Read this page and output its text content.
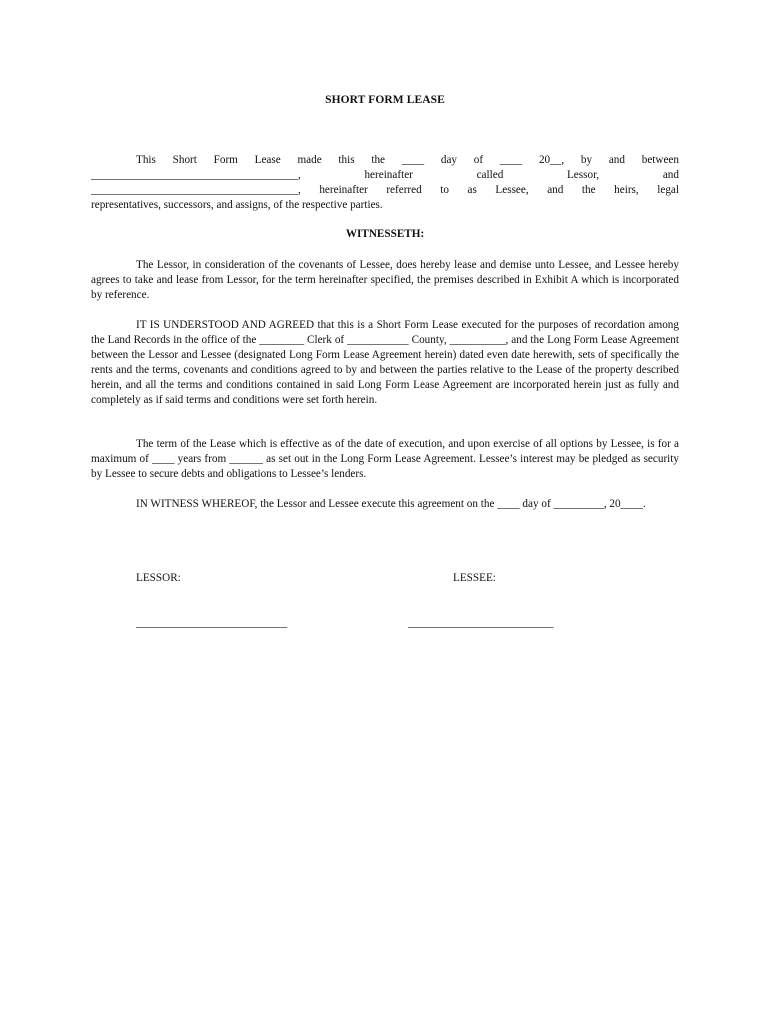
SHORT FORM LEASE
This Short Form Lease made this the ____ day of ____ 20__, by and between
_____________________________________, hereinafter called Lessor, and
_____________________________________, hereinafter referred to as Lessee, and the heirs, legal
representatives, successors, and assigns, of the respective parties.
WITNESSETH:

The Lessor, in consideration of the covenants of Lessee, does hereby lease and demise unto Lessee, and Lessee hereby agrees to take and lease from Lessor, for the term hereinafter specified, the premises described in Exhibit A which is incorporated by reference.

IT IS UNDERSTOOD AND AGREED that this is a Short Form Lease executed for the purposes of recordation among the Land Records in the office of the ________ Clerk of ___________ County, __________, and the Long Form Lease Agreement between the Lessor and Lessee (designated Long Form Lease Agreement herein) dated even date herewith, sets of specifically the rents and the terms, covenants and conditions agreed to by and between the parties relative to the Lease of the property described herein, and all the terms and conditions contained in said Long Form Lease Agreement are incorporated herein just as fully and completely as if said terms and conditions were set forth herein.

The term of the Lease which is effective as of the date of execution, and upon exercise of all options by Lessee, is for a maximum of ____ years from ______ as set out in the Long Form Lease Agreement. Lessee’s interest may be pledged as security by Lessee to secure debts and obligations to Lessee’s lenders.

IN WITNESS WHEREOF, the Lessor and Lessee execute this agreement on the ____ day of _________, 20____.

LESSOR:	LESSEE:
___________________________	__________________________
